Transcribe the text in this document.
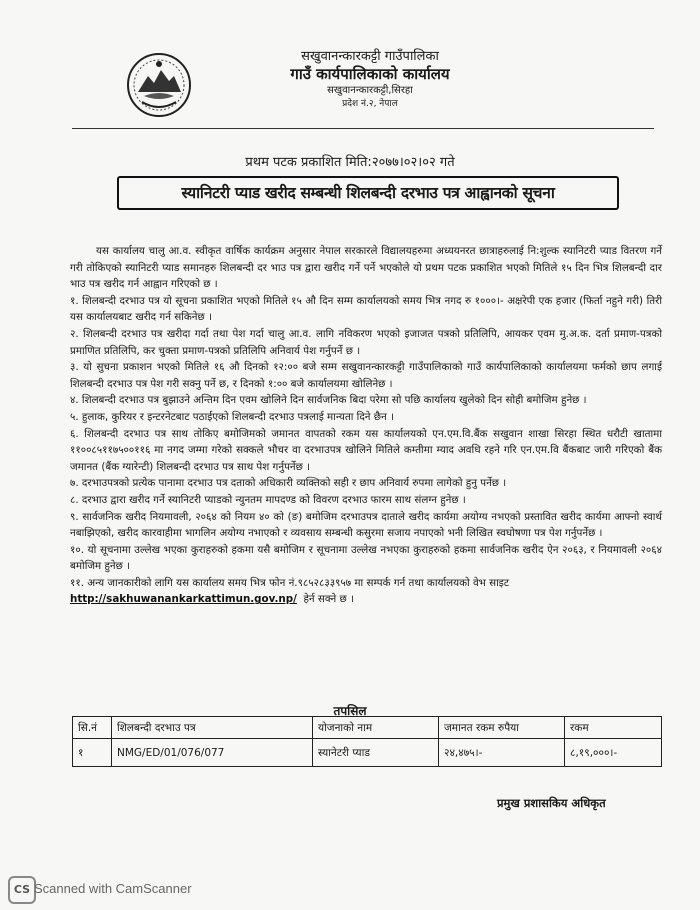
सखुवानन्कारकट्टी गाउँपालिका
गाउँ कार्यपालिकाको कार्यालय
सखुवानन्कारकट्टी,सिरहा
प्रदेश नं.२, नेपाल
प्रथम पटक प्रकाशित मिति:२०७७।०२।०२ गते
स्यानिटरी प्याड खरीद सम्बन्धी शिलबन्दी दरभाउ पत्र आह्वानको सूचना

यस कार्यालय चालु आ.व. स्वीकृत वार्षिक कार्यक्रम अनुसार नेपाल सरकारले विद्यालयहरुमा अध्ययनरत छात्राहरुलाई नि:शुल्क स्यानिटरी प्याड वितरण गर्ने गरी तोकिएको स्यानिटरी प्याड समानहरु शिलबन्दी दर भाउ पत्र द्वारा खरीद गर्ने पर्ने भएकोले यो प्रथम पटक प्रकाशित भएको मितिले १५ दिन भित्र शिलबन्दी दार भाउ पत्र खरीद गर्न आह्वान गरिएको छ ।

१. शिलबन्दी दरभाउ पत्र यो सूचना प्रकाशित भएको मितिले १५ औ दिन सम्म कार्यालयको समय भित्र नगद रु १०००।- अक्षरेपी एक हजार (फिर्ता नहुने गरी) तिरी यस कार्यालयबाट खरीद गर्न सकिनेछ ।

२. शिलबन्दी दरभाउ पत्र खरीदा गर्दा तथा पेश गर्दा चालु आ.व. लागि नविकरण भएको इजाजत पत्रको प्रतिलिपि, आयकर एवम मु.अ.क. दर्ता प्रमाण-पत्रको प्रमाणित प्रतिलिपि, कर चुक्ता प्रमाण-पत्रको प्रतिलिपि अनिवार्य पेश गर्नुपर्ने छ ।

३. यो सुचना प्रकाशन भएको मितिले १६ औ दिनको १२:०० बजे सम्म सखुवानन्कारकट्टी गाउँपालिकाको गाउँ कार्यपालिकाको कार्यालयमा फर्मको छाप लगाई शिलबन्दी दरभाउ पत्र पेश गरी सक्नु पर्ने छ, र दिनको १:०० बजे कार्यालयमा खोलिनेछ ।

४. शिलबन्दी दरभाउ पत्र बुझाउने अन्तिम दिन एवम खोलिने दिन सार्वजनिक बिदा परेमा सो पछि कार्यालय खुलेको दिन सोही बमोजिम हुनेछ ।

५. हुलाक, कुरियर र इन्टरनेटबाट पठाईएको शिलबन्दी दरभाउ पत्रलाई मान्यता दिने छैन ।

६. शिलबन्दी दरभाउ पत्र साथ तोकिए बमोजिमको जमानत वापतको रकम यस कार्यालयको एन.एम.वि.बैंक सखुवान शाखा सिरहा स्थित धरौटी खातामा ११००८५११७५००११६ मा नगद जम्मा गरेको सक्कले भौचर वा दरभाउपत्र खोलिने मितिले कम्तीमा म्याद अवधि रहने गरि एन.एम.वि बैंकबाट जारी गरिएको बैंक जमानत (बैंक ग्यारेन्टी) शिलबन्दी दरभाउ पत्र साथ पेश गर्नुपर्नेछ ।

७. दरभाउपत्रको प्रत्येक पानामा दरभाउ पत्र दताको अधिकारी व्यक्तिको सही र छाप अनिवार्य रुपमा लागेको हुनु पर्नेछ ।

८. दरभाउ द्वारा खरीद गर्ने स्यानिटरी प्याडको न्युनतम मापदण्ड को विवरण दरभाउ फारम साथ संलग्न हुनेछ ।

९. सार्वजनिक खरीद नियमावली, २०६४ को नियम ४० को (ङ) बमोजिम दरभाउपत्र दाताले खरीद कार्यमा अयोग्य नभएको प्रस्तावित खरीद कार्यमा आफ्नो स्वार्थ नबाझिएको, खरीद कारवाहीमा भागलिन अयोग्य नभाएको र व्यवसाय सम्बन्धी कसुरमा सजाय नपाएको भनी लिखित स्वघोषणा पत्र पेश गर्नुपर्नेछ ।

१०. यो सूचनामा उल्लेख भएका कुराहरुको हकमा यसै बमोजिम र सूचनामा उल्लेख नभएका कुराहरुको हकमा सार्वजनिक खरीद ऐन २०६३, र नियमावली २०६४ बमोजिम हुनेछ ।

११. अन्य जानकारीको लागि यस कार्यालय समय भित्र फोन नं.९८५२८३३९५७ मा सम्पर्क गर्न तथा कार्यालयको वेभ साइट

http://sakhuwanankarkattimun.gov.np/ हेर्न सक्ने छ ।

तपसिल
सि.नं	शिलबन्दी दरभाउ पत्र	योजनाको नाम	जमानत रकम रुपैया	रकम
१	NMG/ED/01/076/077	स्यानेटरी प्याड	२४,४७५।-	८,१९,०००।-
प्रमुख प्रशासकिय अधिकृत
CS Scanned with CamScanner
